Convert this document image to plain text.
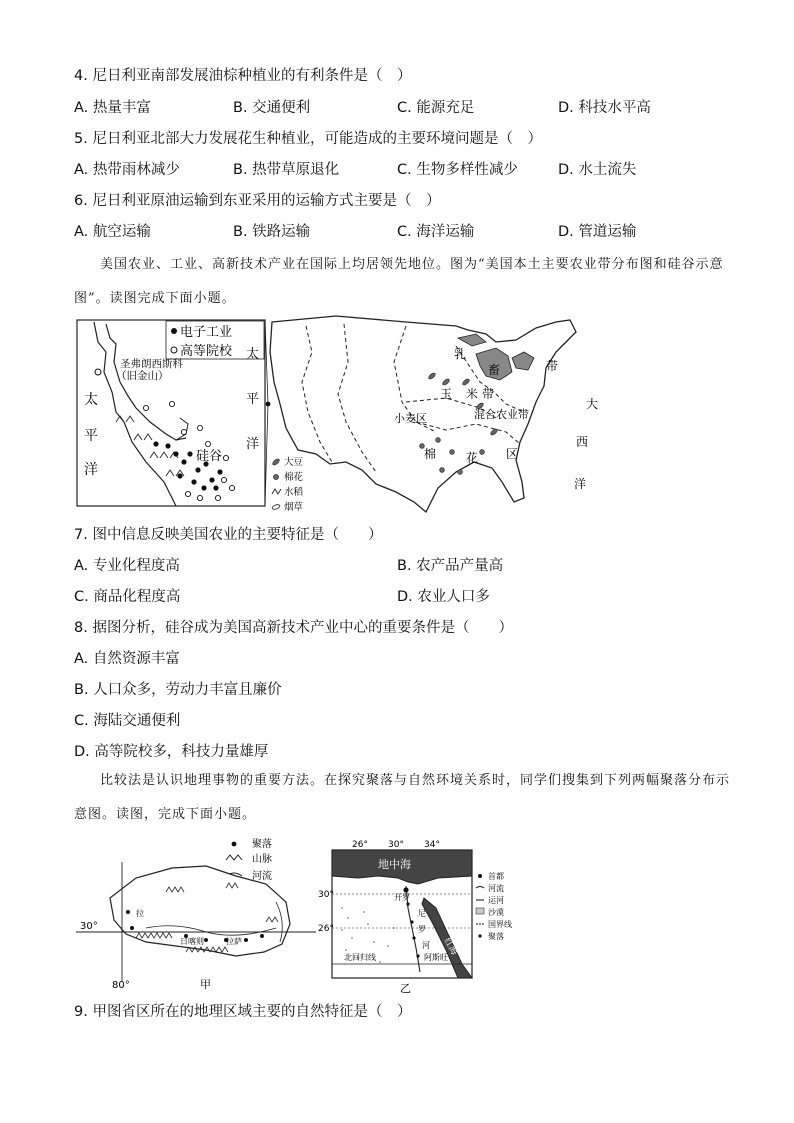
4. 尼日利亚南部发展油棕种植业的有利条件是（　）
A. 热量丰富	B. 交通便利	C. 能源充足	D. 科技水平高
5. 尼日利亚北部大力发展花生种植业，可能造成的主要环境问题是（　）
A. 热带雨林减少	B. 热带草原退化	C. 生物多样性减少	D. 水土流失
6. 尼日利亚原油运输到东亚采用的运输方式主要是（　）
A. 航空运输	B. 铁路运输	C. 海洋运输	D. 管道运输
美国农业、工业、高新技术产业在国际上均居领先地位。图为“美国本土主要农业带分布图和硅谷示意图”。读图完成下面小题。
电子工业
高等院校
圣弗朗西斯科
（旧金山）
太
平
洋
硅谷
太
平
洋
乳
畜	带
玉 米 带
小麦区	混合农业带
棉 花 区
大
西
洋
大豆
棉花
水稻
烟草
7. 图中信息反映美国农业的主要特征是（　　）
A. 专业化程度高	B. 农产品产量高
C. 商品化程度高	D. 农业人口多
8. 据图分析，硅谷成为美国高新技术产业中心的重要条件是（　　）
A. 自然资源丰富
B. 人口众多，劳动力丰富且廉价
C. 海陆交通便利
D. 高等院校多，科技力量雄厚
比较法是认识地理事物的重要方法。在探究聚落与自然环境关系时，同学们搜集到下列两幅聚落分布示意图。读图，完成下面小题。
聚落
山脉
河流
30°
80°
拉
日喀则	拉萨
甲
26° 30° 34°
地中海
红海
30°
26°
开罗
尼
罗
河
阿斯旺
北回归线
首都
河流
运河
沙漠
国界线
聚落
乙
9. 甲图省区所在的地理区域主要的自然特征是（　）
